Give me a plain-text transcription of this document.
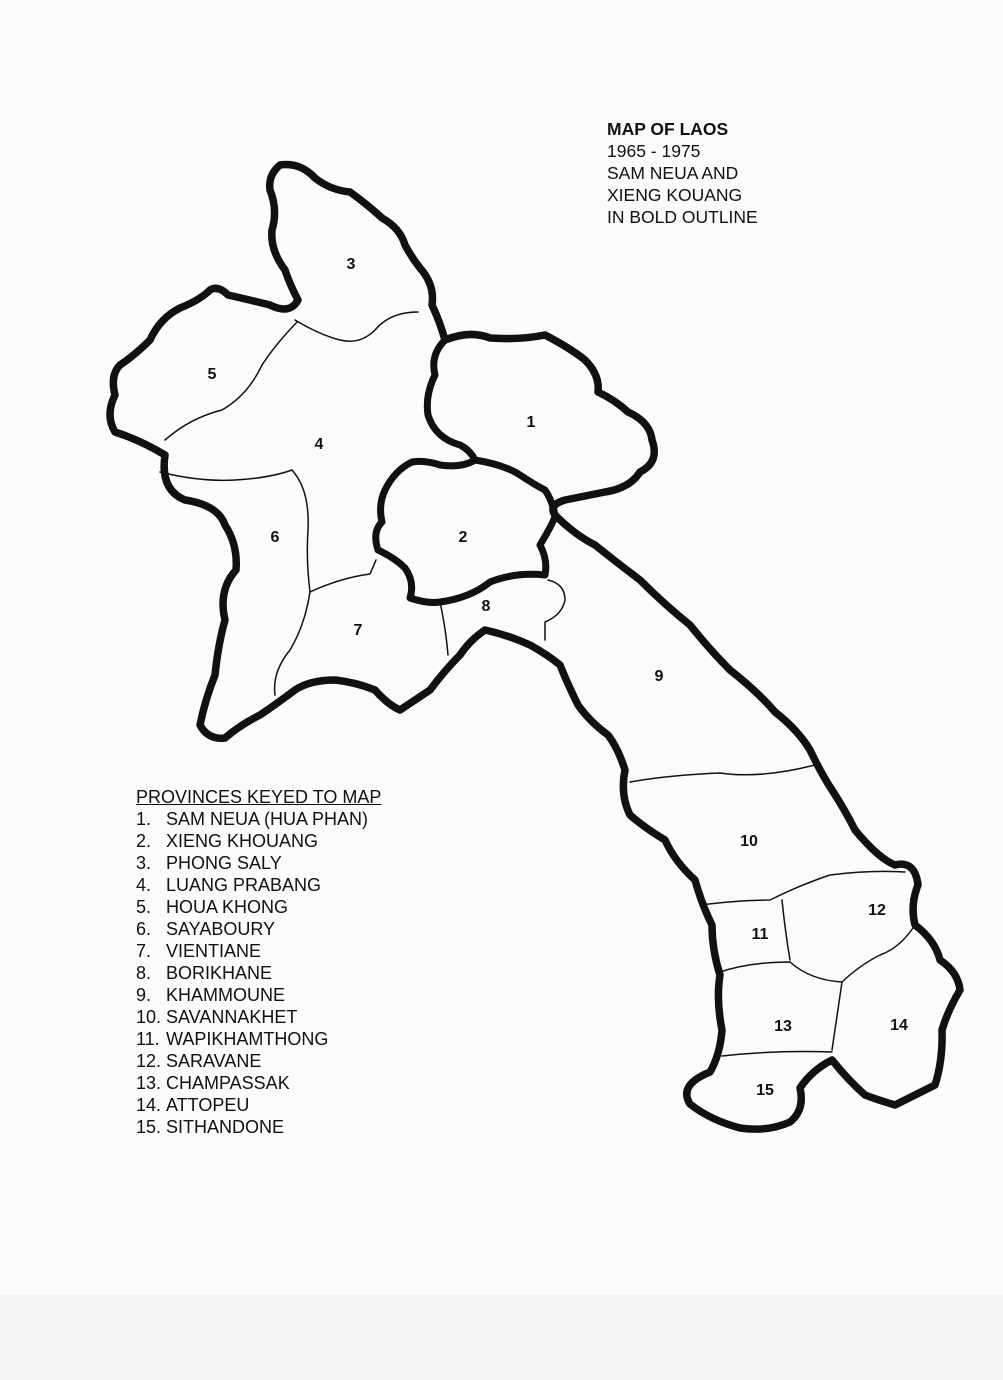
MAP OF LAOS
1965 - 1975
SAM NEUA AND
XIENG KOUANG
IN BOLD OUTLINE
1
2
3
4
5
6
7
8
9
10
11
12
13	14
15
PROVINCES KEYED TO MAP
1. SAM NEUA (HUA PHAN)
2. XIENG KHOUANG
3. PHONG SALY
4. LUANG PRABANG
5. HOUA KHONG
6. SAYABOURY
7. VIENTIANE
8. BORIKHANE
9. KHAMMOUNE
10. SAVANNAKHET
11. WAPIKHAMTHONG
12. SARAVANE
13. CHAMPASSAK
14. ATTOPEU
15. SITHANDONE
